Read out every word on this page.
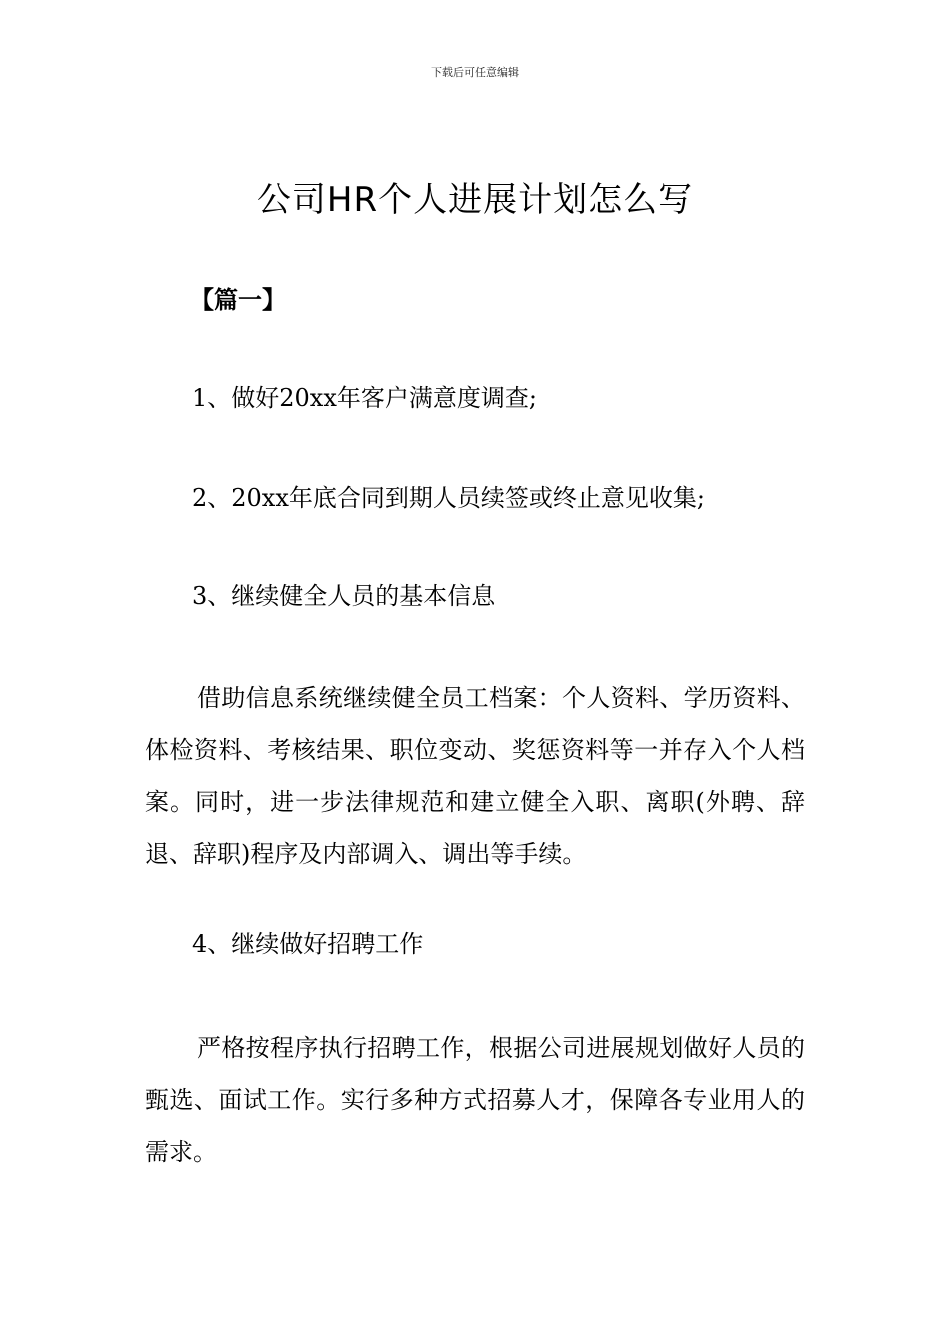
下载后可任意编辑
公司HR个人进展计划怎么写
【篇一】
1、做好20xx年客户满意度调查;
2、20xx年底合同到期人员续签或终止意见收集;
3、继续健全人员的基本信息

借助信息系统继续健全员工档案：个人资料、学历资料、体检资料、考核结果、职位变动、奖惩资料等一并存入个人档案。同时，进一步法律规范和建立健全入职、离职(外聘、辞退、辞职)程序及内部调入、调出等手续。

4、继续做好招聘工作

严格按程序执行招聘工作，根据公司进展规划做好人员的甄选、面试工作。实行多种方式招募人才，保障各专业用人的需求。
